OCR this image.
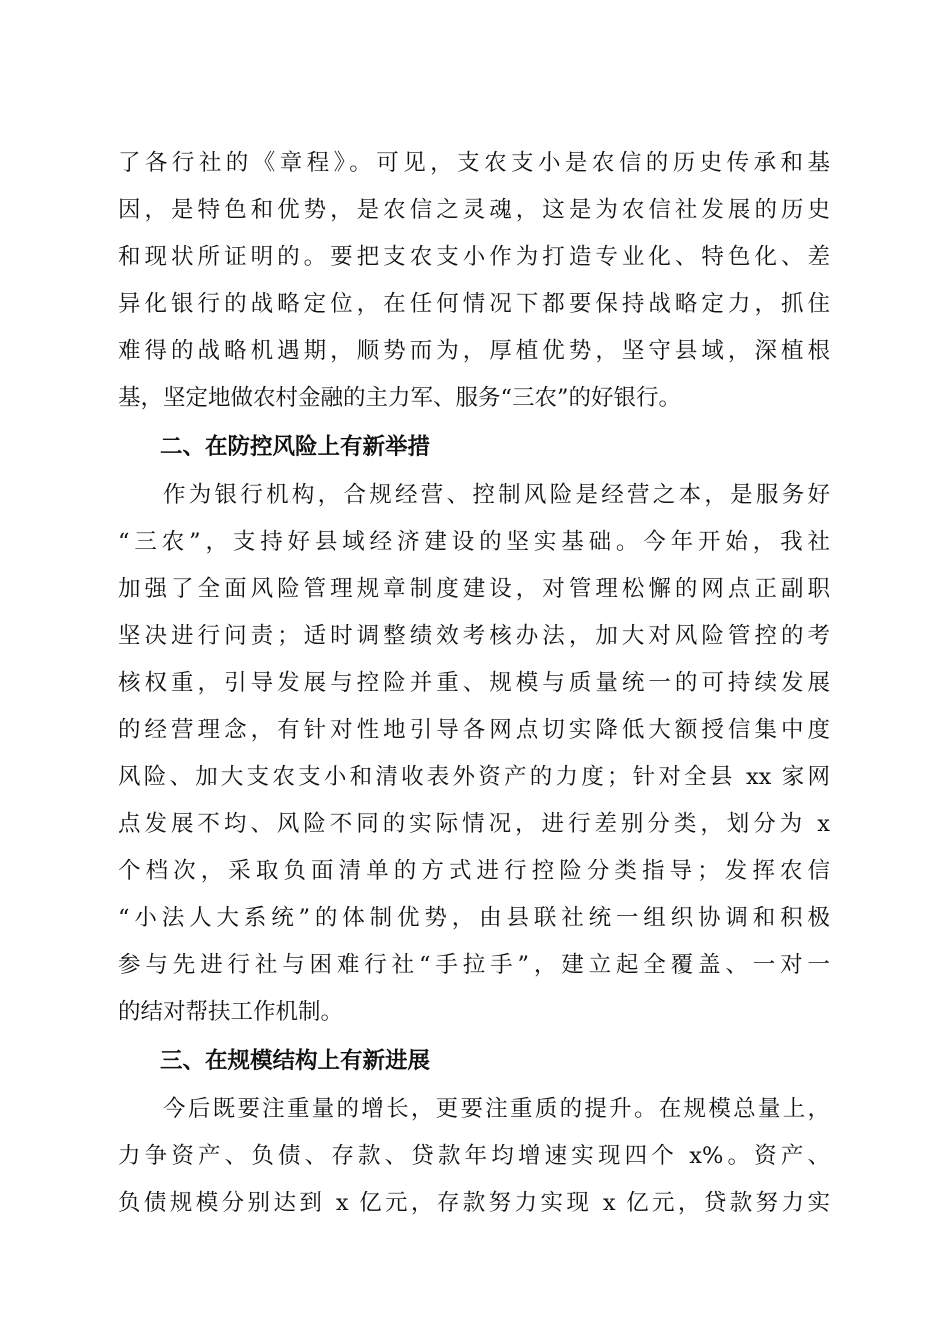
了各行社的《章程》。可见，支农支小是农信的历史传承和基
因，是特色和优势，是农信之灵魂，这是为农信社发展的历史
和现状所证明的。要把支农支小作为打造专业化、特色化、差
异化银行的战略定位，在任何情况下都要保持战略定力，抓住
难得的战略机遇期，顺势而为，厚植优势，坚守县域，深植根
基，坚定地做农村金融的主力军、服务“三农”的好银行。
二、在防控风险上有新举措
作为银行机构，合规经营、控制风险是经营之本，是服务好
“三农”，支持好县域经济建设的坚实基础。今年开始，我社
加强了全面风险管理规章制度建设，对管理松懈的网点正副职
坚决进行问责；适时调整绩效考核办法，加大对风险管控的考
核权重，引导发展与控险并重、规模与质量统一的可持续发展
的经营理念，有针对性地引导各网点切实降低大额授信集中度
风险、加大支农支小和清收表外资产的力度；针对全县 xx 家网
点发展不均、风险不同的实际情况，进行差别分类，划分为 x
个档次，采取负面清单的方式进行控险分类指导；发挥农信
“小法人大系统”的体制优势，由县联社统一组织协调和积极
参与先进行社与困难行社“手拉手”，建立起全覆盖、一对一
的结对帮扶工作机制。
三、在规模结构上有新进展
今后既要注重量的增长，更要注重质的提升。在规模总量上，
力争资产、负债、存款、贷款年均增速实现四个 x%。资产、
负债规模分别达到 x 亿元，存款努力实现 x 亿元，贷款努力实
